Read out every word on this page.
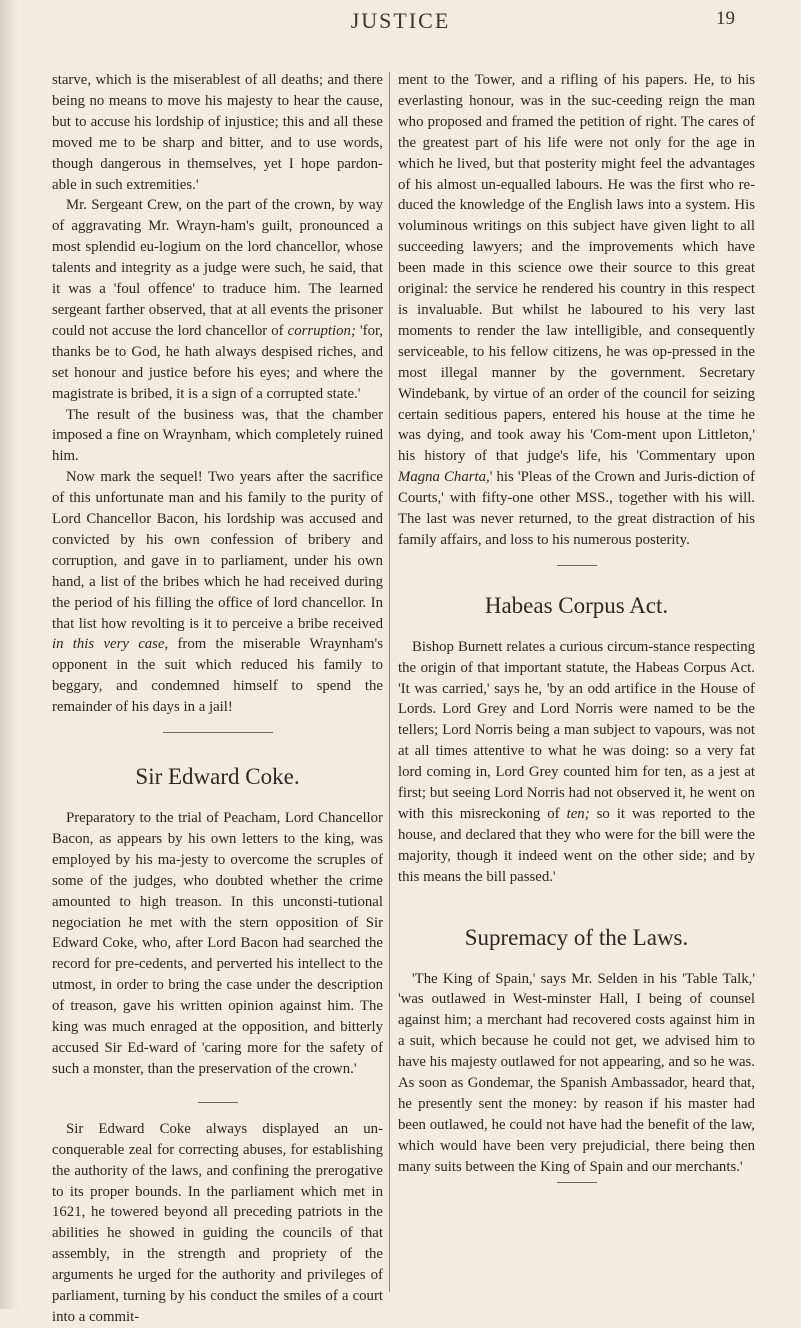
JUSTICE	19

starve, which is the miserablest of all deaths; and there being no means to move his majesty to hear the cause, but to accuse his lordship of injustice; this and all these moved me to be sharp and bitter, and to use words, though dangerous in themselves, yet I hope pardon-able in such extremities.'

Mr. Sergeant Crew, on the part of the crown, by way of aggravating Mr. Wrayn-ham's guilt, pronounced a most splendid eu-logium on the lord chancellor, whose talents and integrity as a judge were such, he said, that it was a 'foul offence' to traduce him. The learned sergeant farther observed, that at all events the prisoner could not accuse the lord chancellor of corruption; 'for, thanks be to God, he hath always despised riches, and set honour and justice before his eyes; and where the magistrate is bribed, it is a sign of a corrupted state.'

The result of the business was, that the chamber imposed a fine on Wraynham, which completely ruined him.

Now mark the sequel! Two years after the sacrifice of this unfortunate man and his family to the purity of Lord Chancellor Bacon, his lordship was accused and convicted by his own confession of bribery and corruption, and gave in to parliament, under his own hand, a list of the bribes which he had received during the period of his filling the office of lord chancellor. In that list how revolting is it to perceive a bribe received in this very case, from the miserable Wraynham's opponent in the suit which reduced his family to beggary, and condemned himself to spend the remainder of his days in a jail!

Sir Edward Coke.

Preparatory to the trial of Peacham, Lord Chancellor Bacon, as appears by his own letters to the king, was employed by his ma-jesty to overcome the scruples of some of the judges, who doubted whether the crime amounted to high treason. In this unconsti-tutional negociation he met with the stern opposition of Sir Edward Coke, who, after Lord Bacon had searched the record for pre-cedents, and perverted his intellect to the utmost, in order to bring the case under the description of treason, gave his written opinion against him. The king was much enraged at the opposition, and bitterly accused Sir Ed-ward of 'caring more for the safety of such a monster, than the preservation of the crown.'

Sir Edward Coke always displayed an un-conquerable zeal for correcting abuses, for establishing the authority of the laws, and confining the prerogative to its proper bounds. In the parliament which met in 1621, he towered beyond all preceding patriots in the abilities he showed in guiding the councils of that assembly, in the strength and propriety of the arguments he urged for the authority and privileges of parliament, turning by his conduct the smiles of a court into a commit-

ment to the Tower, and a rifling of his papers. He, to his everlasting honour, was in the suc-ceeding reign the man who proposed and framed the petition of right. The cares of the greatest part of his life were not only for the age in which he lived, but that posterity might feel the advantages of his almost un-equalled labours. He was the first who re-duced the knowledge of the English laws into a system. His voluminous writings on this subject have given light to all succeeding lawyers; and the improvements which have been made in this science owe their source to this great original: the service he rendered his country in this respect is invaluable. But whilst he laboured to his very last moments to render the law intelligible, and consequently serviceable, to his fellow citizens, he was op-pressed in the most illegal manner by the government. Secretary Windebank, by virtue of an order of the council for seizing certain seditious papers, entered his house at the time he was dying, and took away his 'Com-ment upon Littleton,' his history of that judge's life, his 'Commentary upon Magna Charta,' his 'Pleas of the Crown and Juris-diction of Courts,' with fifty-one other MSS., together with his will. The last was never returned, to the great distraction of his family affairs, and loss to his numerous posterity.

Habeas Corpus Act.

Bishop Burnett relates a curious circum-stance respecting the origin of that important statute, the Habeas Corpus Act. 'It was carried,' says he, 'by an odd artifice in the House of Lords. Lord Grey and Lord Norris were named to be the tellers; Lord Norris being a man subject to vapours, was not at all times attentive to what he was doing: so a very fat lord coming in, Lord Grey counted him for ten, as a jest at first; but seeing Lord Norris had not observed it, he went on with this misreckoning of ten; so it was reported to the house, and declared that they who were for the bill were the majority, though it indeed went on the other side; and by this means the bill passed.'

Supremacy of the Laws.

'The King of Spain,' says Mr. Selden in his 'Table Talk,' 'was outlawed in West-minster Hall, I being of counsel against him; a merchant had recovered costs against him in a suit, which because he could not get, we advised him to have his majesty outlawed for not appearing, and so he was. As soon as Gondemar, the Spanish Ambassador, heard that, he presently sent the money: by reason if his master had been outlawed, he could not have had the benefit of the law, which would have been very prejudicial, there being then many suits between the King of Spain and our merchants.'
